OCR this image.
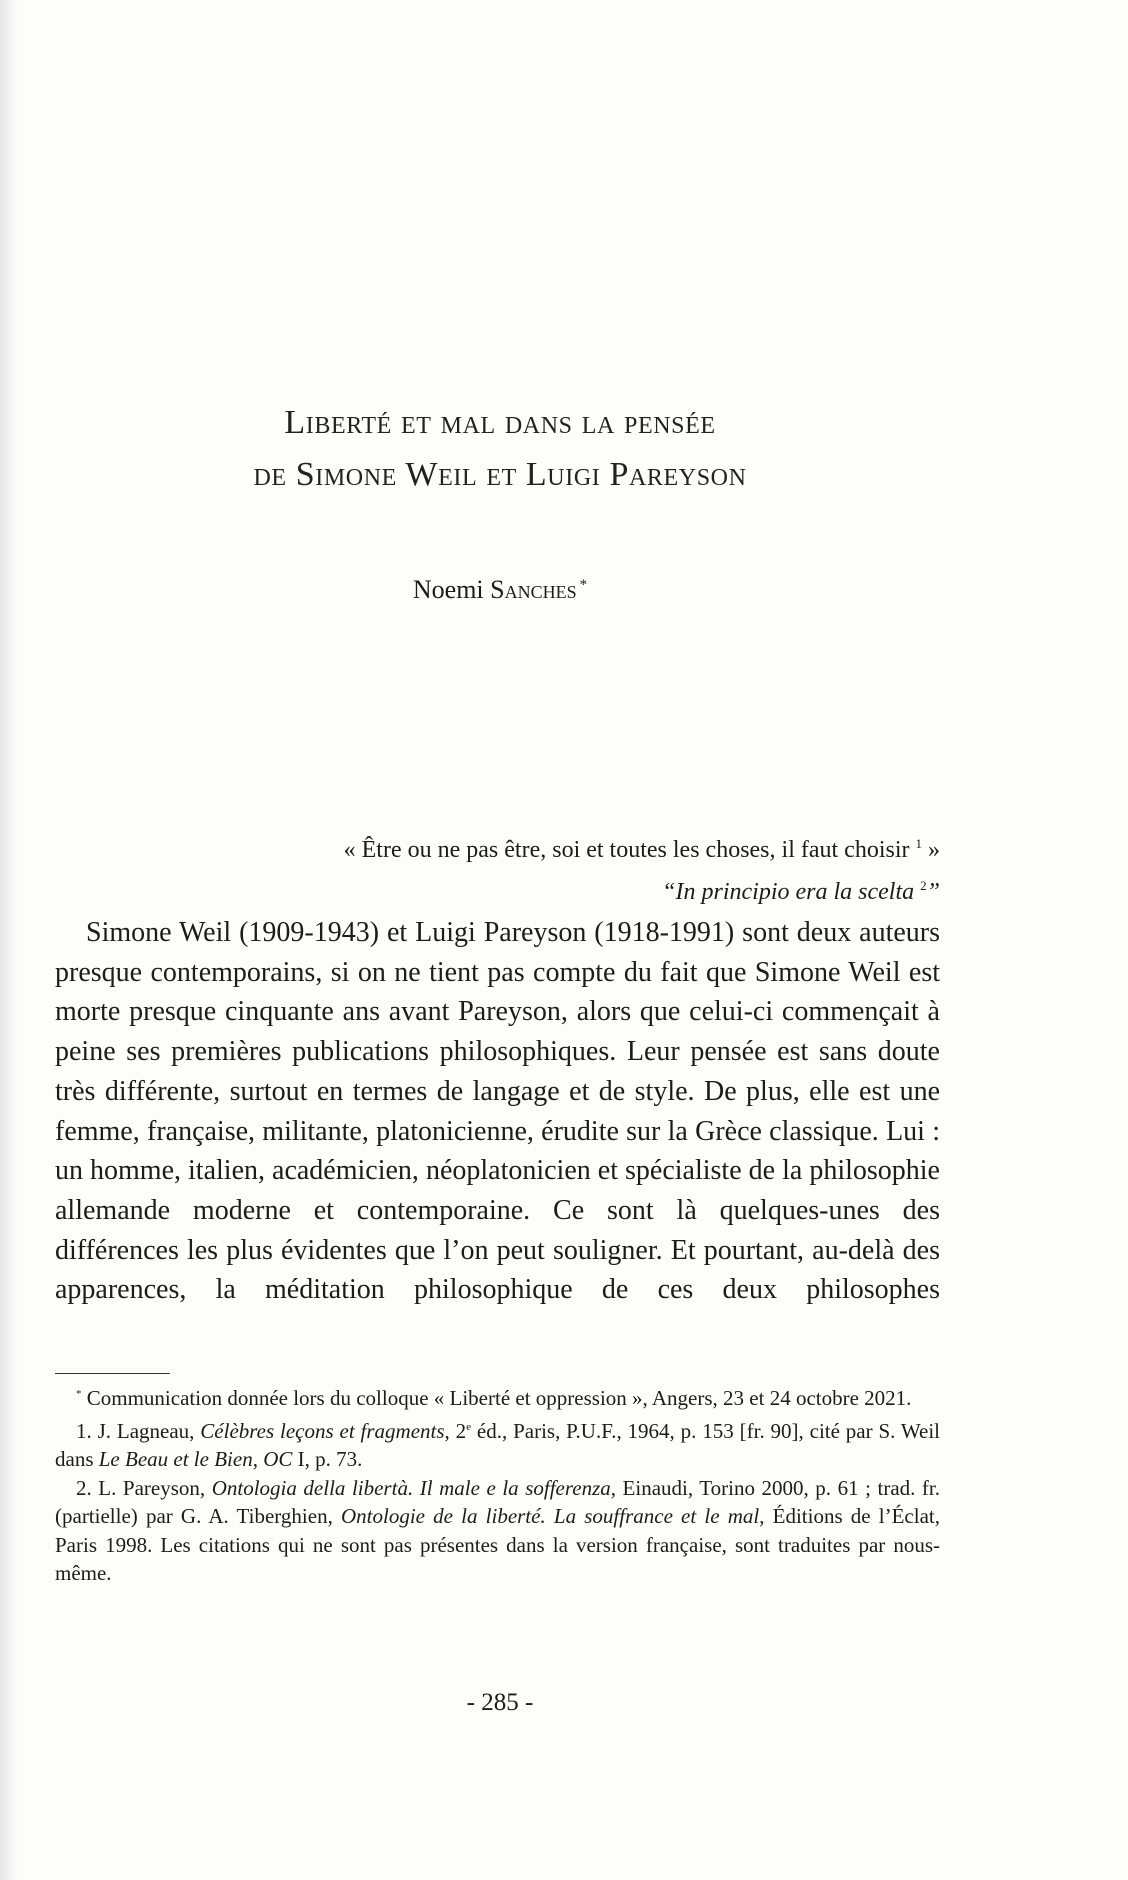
Liberté et mal dans la pensée
de Simone Weil et Luigi Pareyson
Noemi Sanches *
« Être ou ne pas être, soi et toutes les choses, il faut choisir $^1$ »
“In principio era la scelta $^2$”

Simone Weil (1909-1943) et Luigi Pareyson (1918-1991) sont deux auteurs presque contemporains, si on ne tient pas compte du fait que Simone Weil est morte presque cinquante ans avant Pareyson, alors que celui-ci commençait à peine ses premières publications philosophiques. Leur pensée est sans doute très différente, surtout en termes de langage et de style. De plus, elle est une femme, française, militante, platonicienne, érudite sur la Grèce classique. Lui : un homme, italien, académicien, néoplatonicien et spécialiste de la philosophie allemande moderne et contemporaine. Ce sont là quelques-unes des différences les plus évidentes que l’on peut souligner. Et pourtant, au-delà des apparences, la méditation philosophique de ces deux philosophes

* Communication donnée lors du colloque « Liberté et oppression », Angers, 23 et 24 octobre 2021.

1. J. Lagneau, Célèbres leçons et fragments, 2e éd., Paris, P.U.F., 1964, p. 153 [fr. 90], cité par S. Weil dans Le Beau et le Bien, OC I, p. 73.

2. L. Pareyson, Ontologia della libertà. Il male e la sofferenza, Einaudi, Torino 2000, p. 61 ; trad. fr. (partielle) par G. A. Tiberghien, Ontologie de la liberté. La souffrance et le mal, Éditions de l’Éclat, Paris 1998. Les citations qui ne sont pas présentes dans la version française, sont traduites par nous-même.

- 285 -
